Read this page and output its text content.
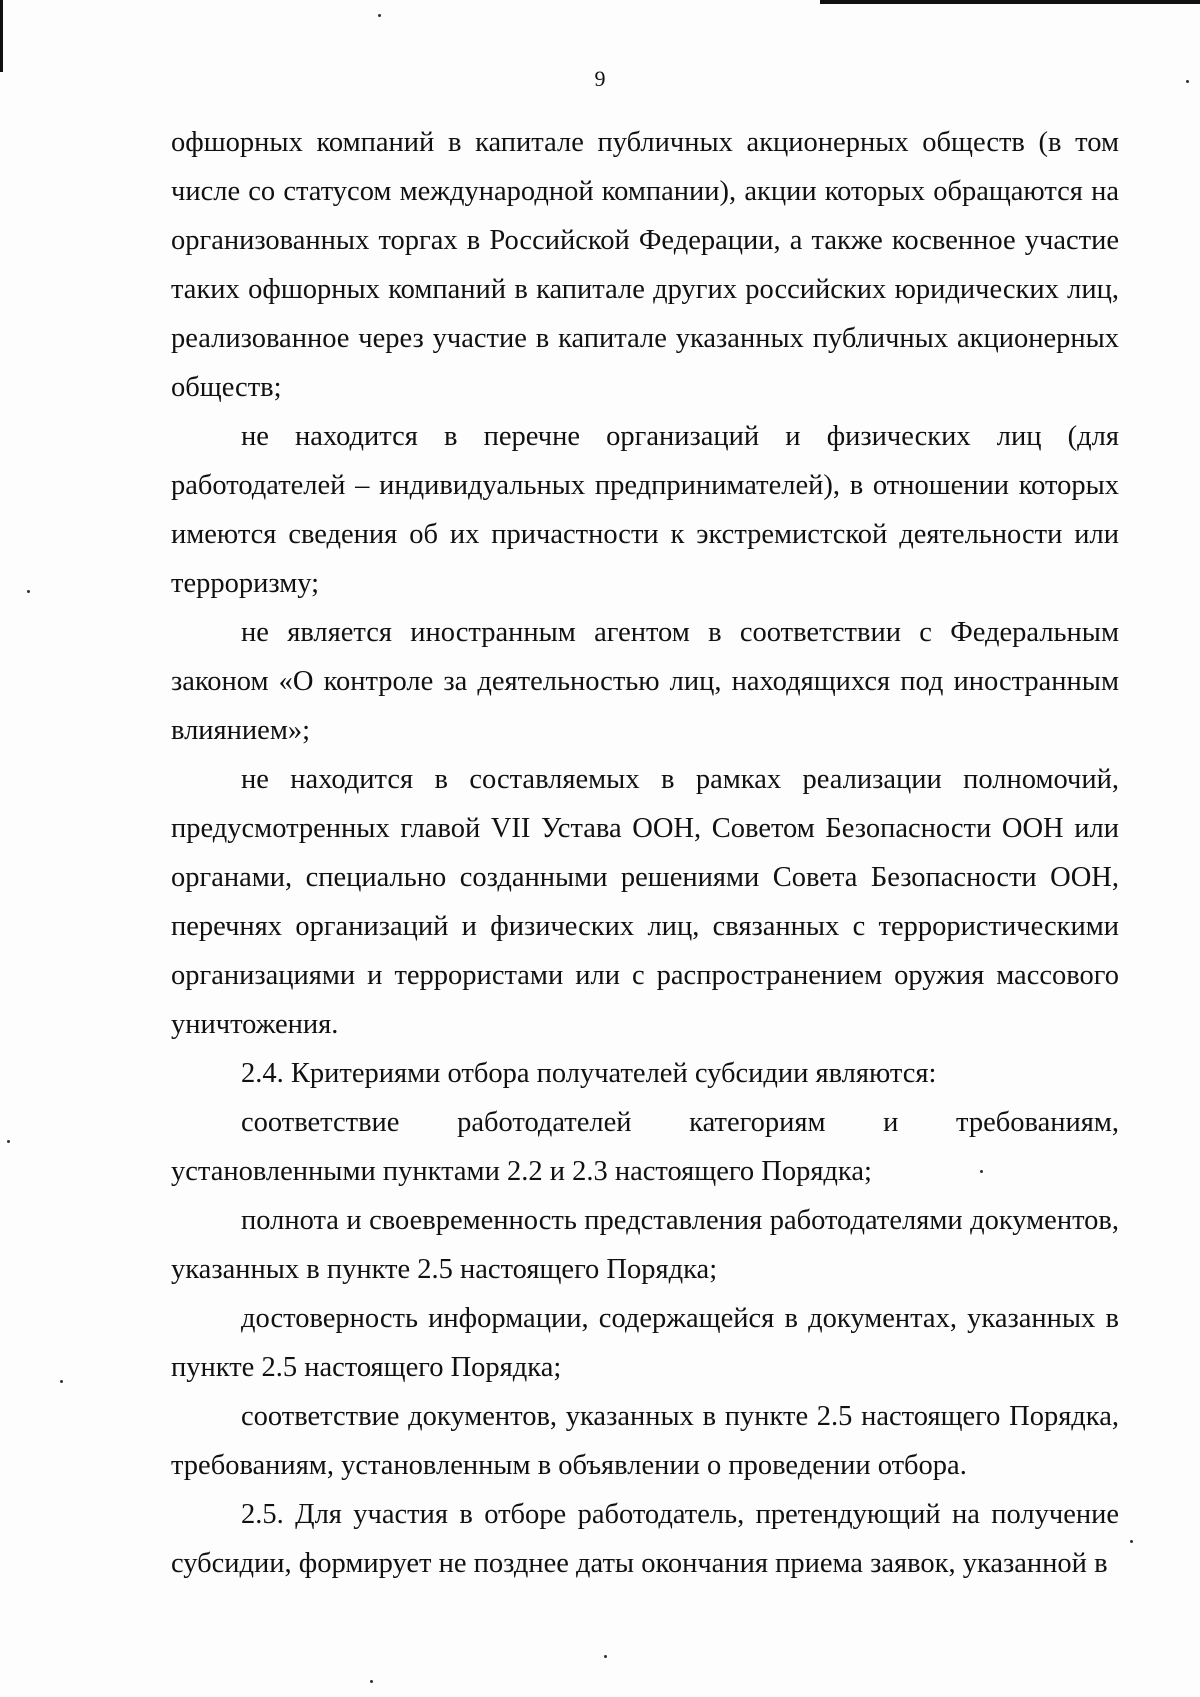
9

офшорных компаний в капитале публичных акционерных обществ (в том числе со статусом международной компании), акции которых обращаются на организованных торгах в Российской Федерации, а также косвенное участие таких офшорных компаний в капитале других российских юридических лиц, реализованное через участие в капитале указанных публичных акционерных обществ;

не находится в перечне организаций и физических лиц (для работодателей – индивидуальных предпринимателей), в отношении которых имеются сведения об их причастности к экстремистской деятельности или терроризму;

не является иностранным агентом в соответствии с Федеральным законом «О контроле за деятельностью лиц, находящихся под иностранным влиянием»;

не находится в составляемых в рамках реализации полномочий, предусмотренных главой VII Устава ООН, Советом Безопасности ООН или органами, специально созданными решениями Совета Безопасности ООН, перечнях организаций и физических лиц, связанных с террористическими организациями и террористами или с распространением оружия массового уничтожения.

2.4. Критериями отбора получателей субсидии являются:

соответствие работодателей категориям и требованиям, установленными пунктами 2.2 и 2.3 настоящего Порядка;

полнота и своевременность представления работодателями документов, указанных в пункте 2.5 настоящего Порядка;

достоверность информации, содержащейся в документах, указанных в пункте 2.5 настоящего Порядка;

соответствие документов, указанных в пункте 2.5 настоящего Порядка, требованиям, установленным в объявлении о проведении отбора.

2.5. Для участия в отборе работодатель, претендующий на получение субсидии, формирует не позднее даты окончания приема заявок, указанной в
